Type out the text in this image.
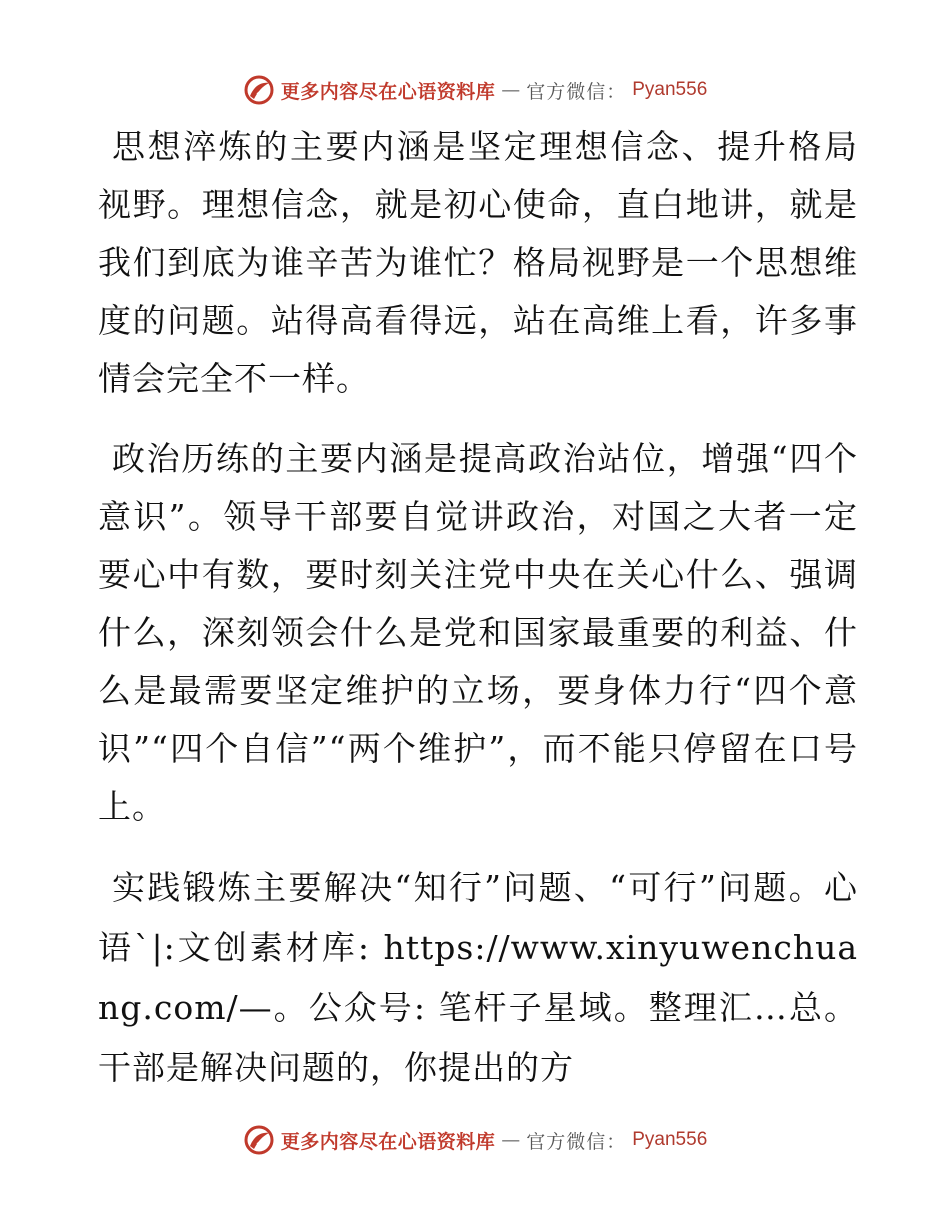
更多内容尽在心语资料库 — 官方微信： Pyan556

思想淬炼的主要内涵是坚定理想信念、提升格局视野。理想信念，就是初心使命，直白地讲，就是我们到底为谁辛苦为谁忙？格局视野是一个思想维度的问题。站得高看得远，站在高维上看，许多事情会完全不一样。

政治历练的主要内涵是提高政治站位，增强“四个意识”。领导干部要自觉讲政治，对国之大者一定要心中有数，要时刻关注党中央在关心什么、强调什么，深刻领会什么是党和国家最重要的利益、什么是最需要坚定维护的立场，要身体力行“四个意识”“四个自信”“两个维护”，而不能只停留在口号上。

实践锻炼主要解决“知行”问题、“可行”问题。心语`|:文创素材库: https://www.xinyuwenchuang.com/—。公众号: 笔杆子星域。整理汇…总。干部是解决问题的，你提出的方

更多内容尽在心语资料库 — 官方微信： Pyan556
